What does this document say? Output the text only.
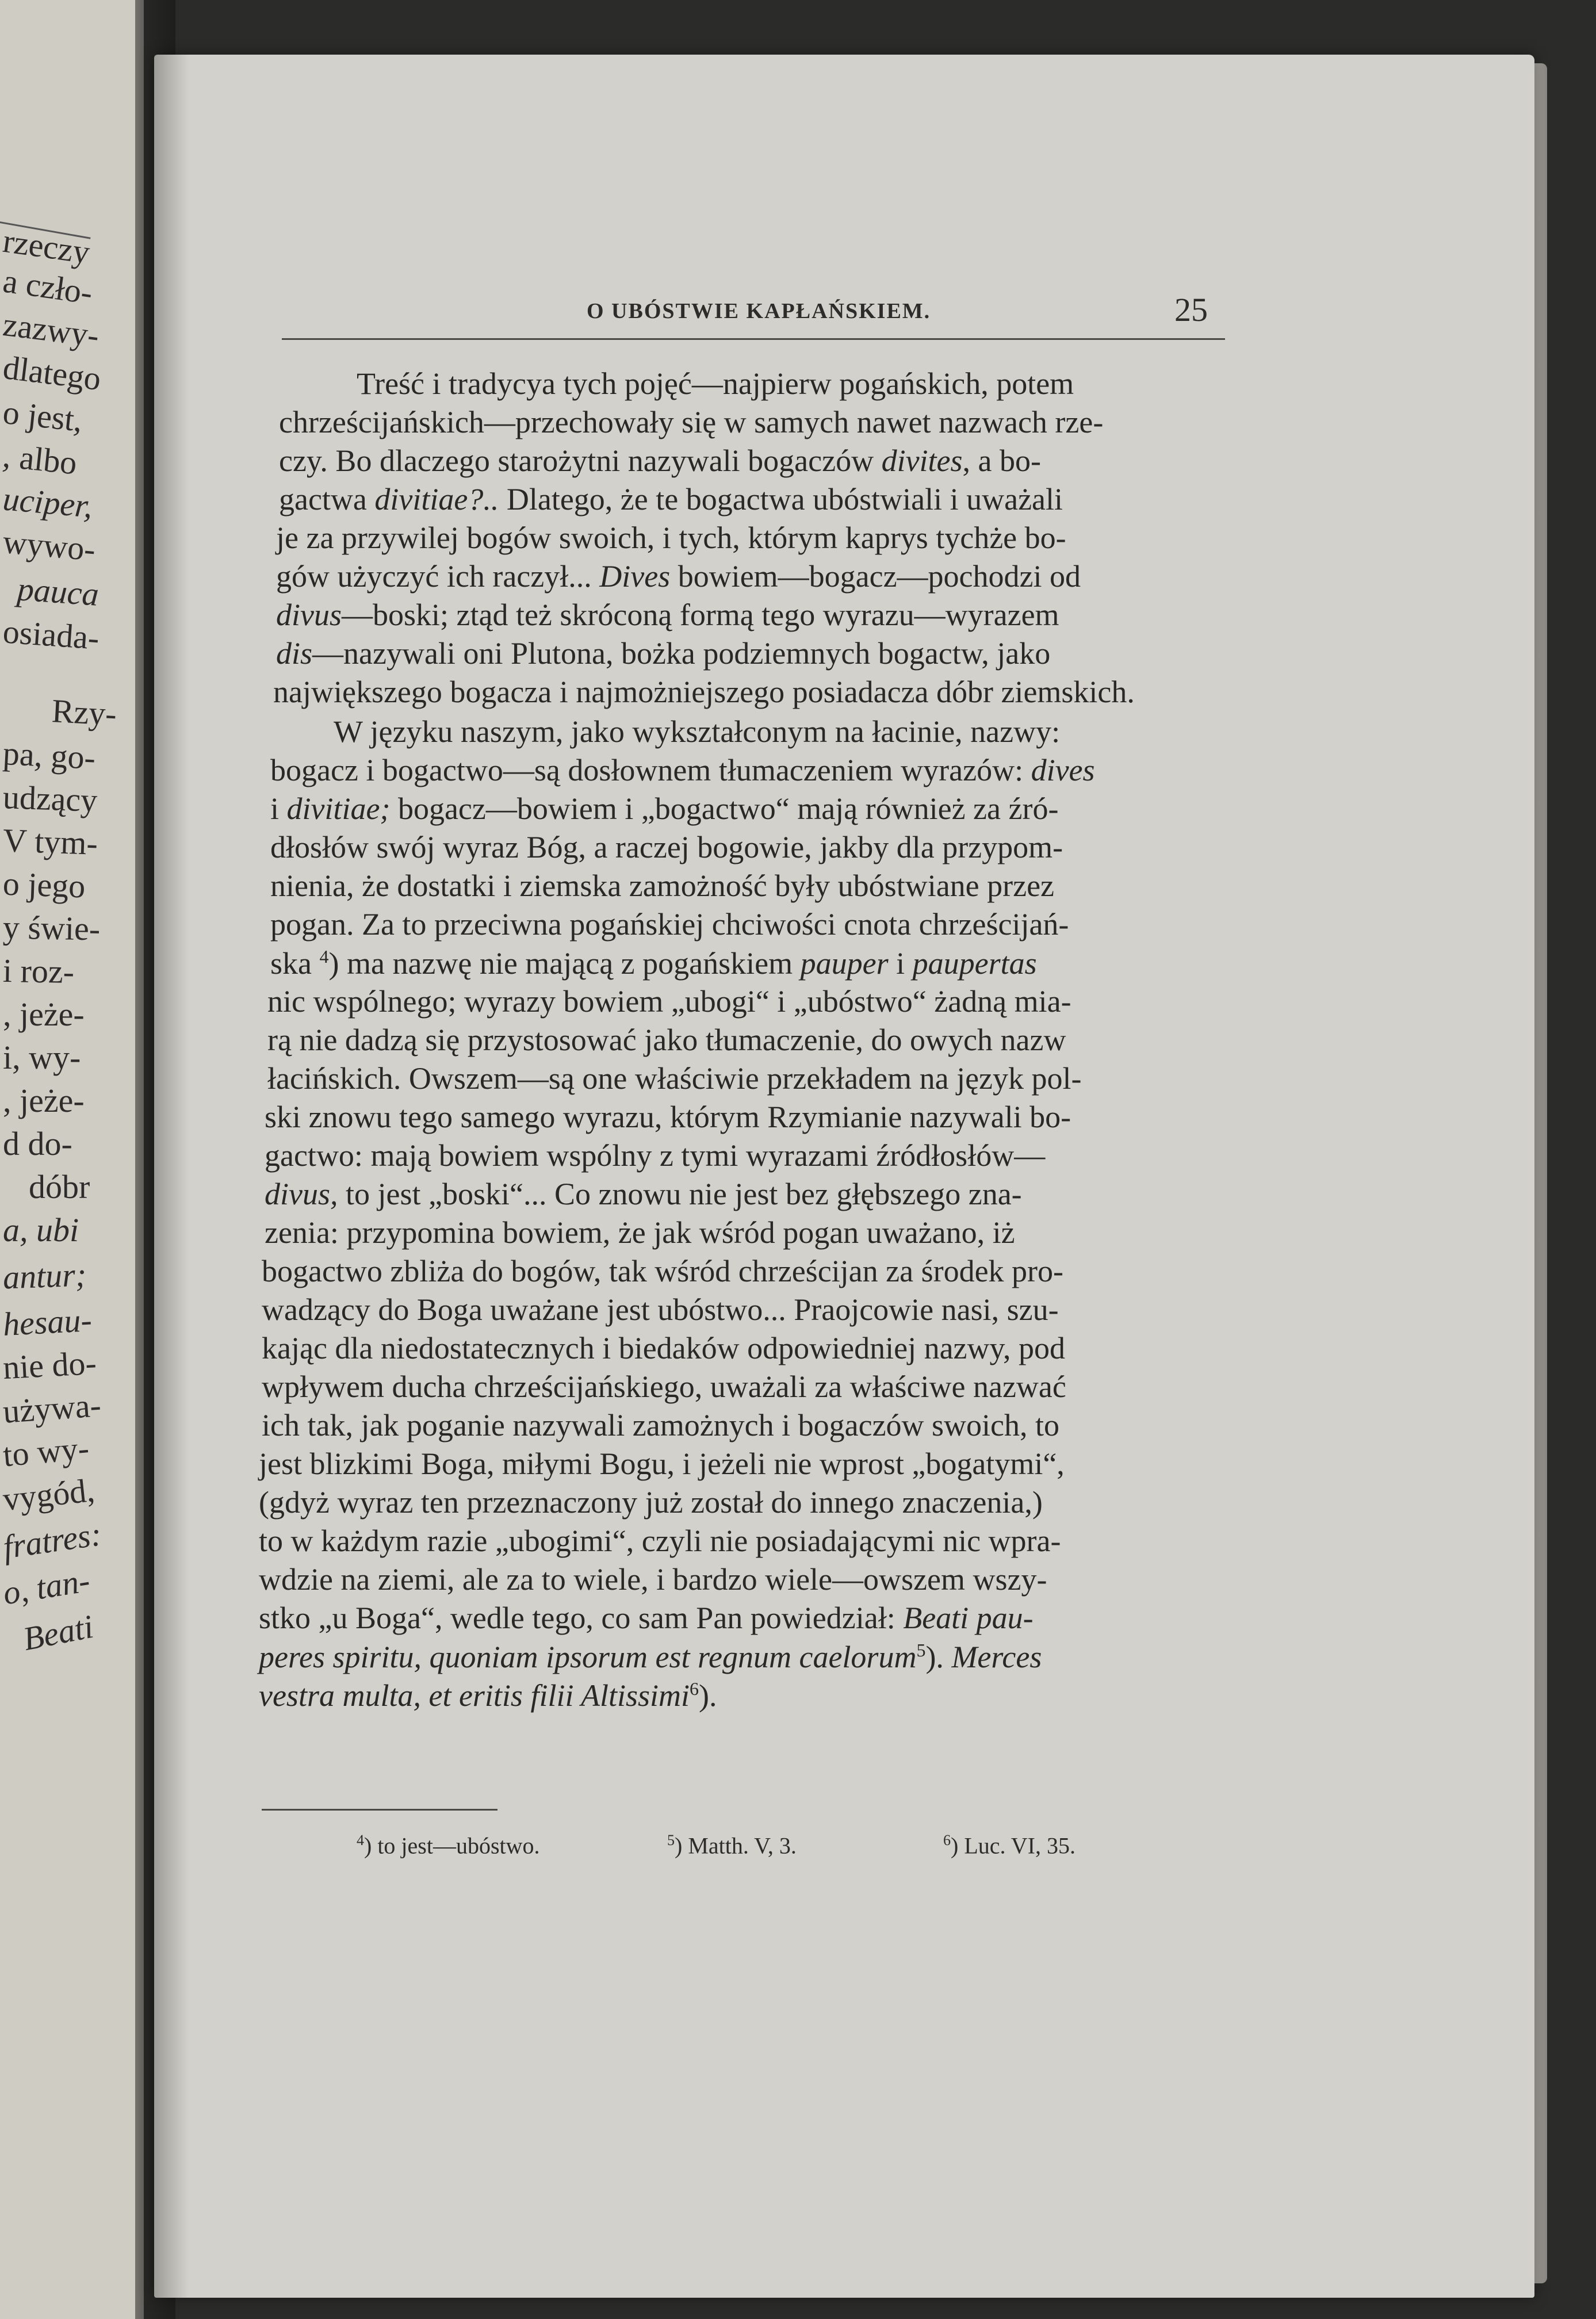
rzeczy
a czło-
zazwy-
dlatego
o jest,
, albo
uciper,
wywo-
pauca
osiada-
Rzy-
pa, go-
udzący
V tym-
o jego
y świe-
i roz-
, jeże-
i, wy-
, jeże-
d do-
dóbr
a, ubi
antur;
hesau-
nie do-
używa-
to wy-
vygód,
fratres:
o, tan-
Beati
O UBÓSTWIE KAPŁAŃSKIEM.	25
Treść i tradycya tych pojęć—najpierw pogańskich, potem
chrześcijańskich—przechowały się w samych nawet nazwach rze-
czy. Bo dlaczego starożytni nazywali bogaczów divites, a bo-
gactwa divitiae?.. Dlatego, że te bogactwa ubóstwiali i uważali
je za przywilej bogów swoich, i tych, którym kaprys tychże bo-
gów użyczyć ich raczył... Dives bowiem—bogacz—pochodzi od
divus—boski; ztąd też skróconą formą tego wyrazu—wyrazem
dis—nazywali oni Plutona, bożka podziemnych bogactw, jako
największego bogacza i najmożniejszego posiadacza dóbr ziemskich.
W języku naszym, jako wykształconym na łacinie, nazwy:
bogacz i bogactwo—są dosłownem tłumaczeniem wyrazów: dives
i divitiae; bogacz—bowiem i „bogactwo“ mają również za źró-
dłosłów swój wyraz Bóg, a raczej bogowie, jakby dla przypom-
nienia, że dostatki i ziemska zamożność były ubóstwiane przez
pogan. Za to przeciwna pogańskiej chciwości cnota chrześcijań-
ska $^4$) ma nazwę nie mającą z pogańskiem pauper i paupertas
nic wspólnego; wyrazy bowiem „ubogi“ i „ubóstwo“ żadną mia-
rą nie dadzą się przystosować jako tłumaczenie, do owych nazw
łacińskich. Owszem—są one właściwie przekładem na język pol-
ski znowu tego samego wyrazu, którym Rzymianie nazywali bo-
gactwo: mają bowiem wspólny z tymi wyrazami źródłosłów—
divus, to jest „boski“... Co znowu nie jest bez głębszego zna-
zenia: przypomina bowiem, że jak wśród pogan uważano, iż
bogactwo zbliża do bogów, tak wśród chrześcijan za środek pro-
wadzący do Boga uważane jest ubóstwo... Praojcowie nasi, szu-
kając dla niedostatecznych i biedaków odpowiedniej nazwy, pod
wpływem ducha chrześcijańskiego, uważali za właściwe nazwać
ich tak, jak poganie nazywali zamożnych i bogaczów swoich, to
jest blizkimi Boga, miłymi Bogu, i jeżeli nie wprost „bogatymi“,
(gdyż wyraz ten przeznaczony już został do innego znaczenia,)
to w każdym razie „ubogimi“, czyli nie posiadającymi nic wpra-
wdzie na ziemi, ale za to wiele, i bardzo wiele—owszem wszy-
stko „u Boga“, wedle tego, co sam Pan powiedział: Beati pau-
peres spiritu, quoniam ipsorum est regnum caelorum$^5$). Merces
vestra multa, et eritis filii Altissimi$^6$).
$^4$) to jest—ubóstwo.	$^5$) Matth. V, 3.	$^6$) Luc. VI, 35.
